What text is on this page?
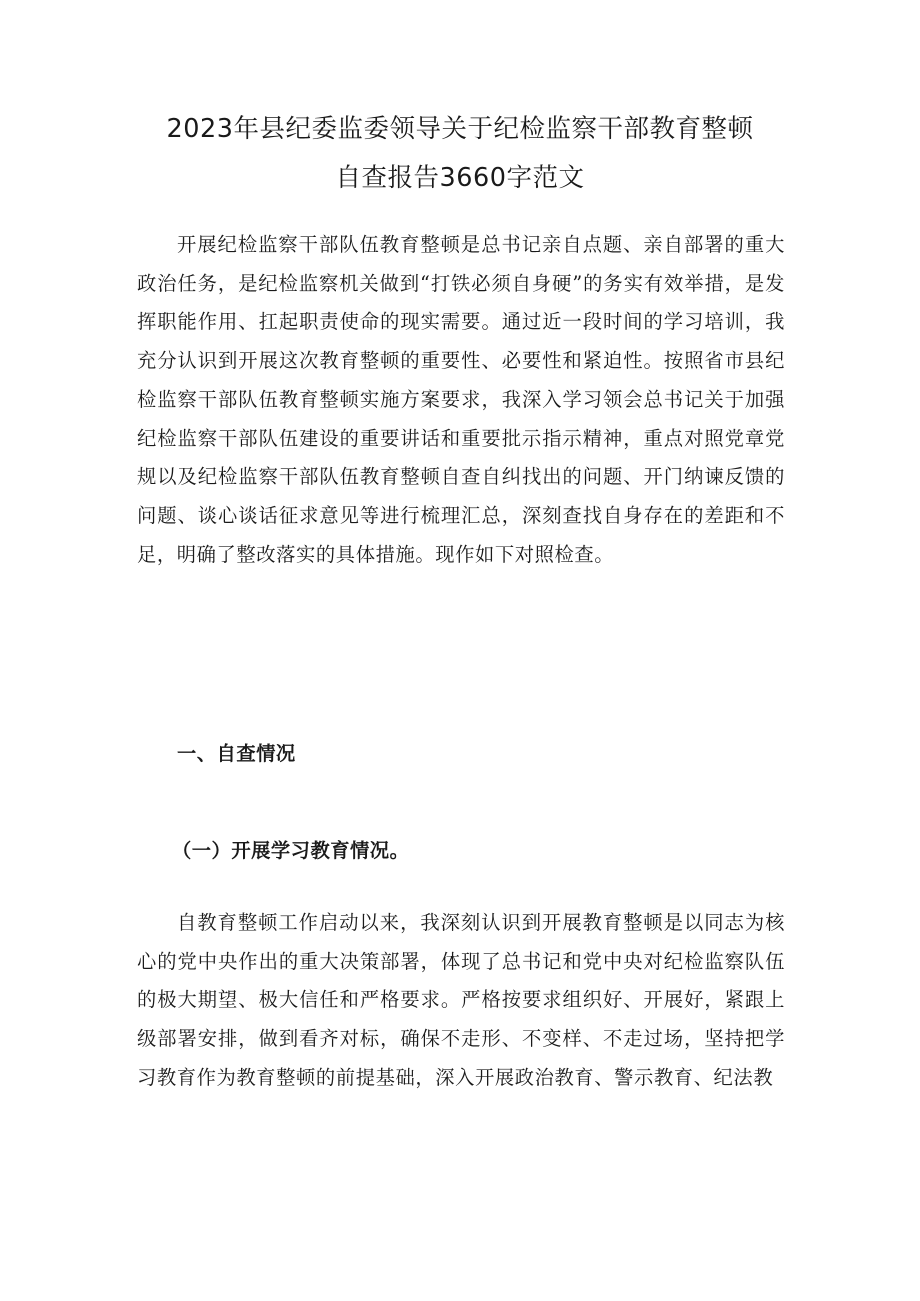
2023年县纪委监委领导关于纪检监察干部教育整顿
自查报告3660字范文

开展纪检监察干部队伍教育整顿是总书记亲自点题、亲自部署的重大政治任务，是纪检监察机关做到“打铁必须自身硬”的务实有效举措，是发挥职能作用、扛起职责使命的现实需要。通过近一段时间的学习培训，我充分认识到开展这次教育整顿的重要性、必要性和紧迫性。按照省市县纪检监察干部队伍教育整顿实施方案要求，我深入学习领会总书记关于加强纪检监察干部队伍建设的重要讲话和重要批示指示精神，重点对照党章党规以及纪检监察干部队伍教育整顿自查自纠找出的问题、开门纳谏反馈的问题、谈心谈话征求意见等进行梳理汇总，深刻查找自身存在的差距和不足，明确了整改落实的具体措施。现作如下对照检查。

一、自查情况
（一）开展学习教育情况。

自教育整顿工作启动以来，我深刻认识到开展教育整顿是以同志为核心的党中央作出的重大决策部署，体现了总书记和党中央对纪检监察队伍的极大期望、极大信任和严格要求。严格按要求组织好、开展好，紧跟上级部署安排，做到看齐对标，确保不走形、不变样、不走过场，坚持把学习教育作为教育整顿的前提基础，深入开展政治教育、警示教育、纪法教
